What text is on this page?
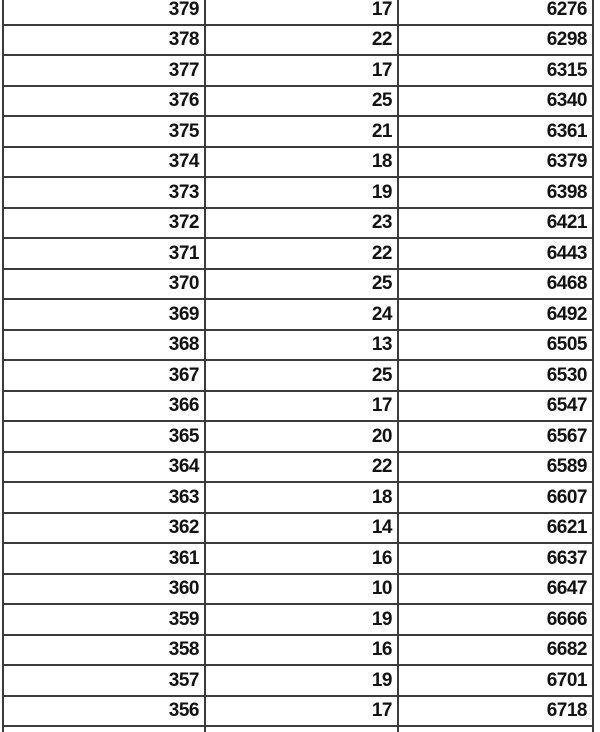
379	17	6276
378	22	6298
377	17	6315
376	25	6340
375	21	6361
374	18	6379
373	19	6398
372	23	6421
371	22	6443
370	25	6468
369	24	6492
368	13	6505
367	25	6530
366	17	6547
365	20	6567
364	22	6589
363	18	6607
362	14	6621
361	16	6637
360	10	6647
359	19	6666
358	16	6682
357	19	6701
356	17	6718
